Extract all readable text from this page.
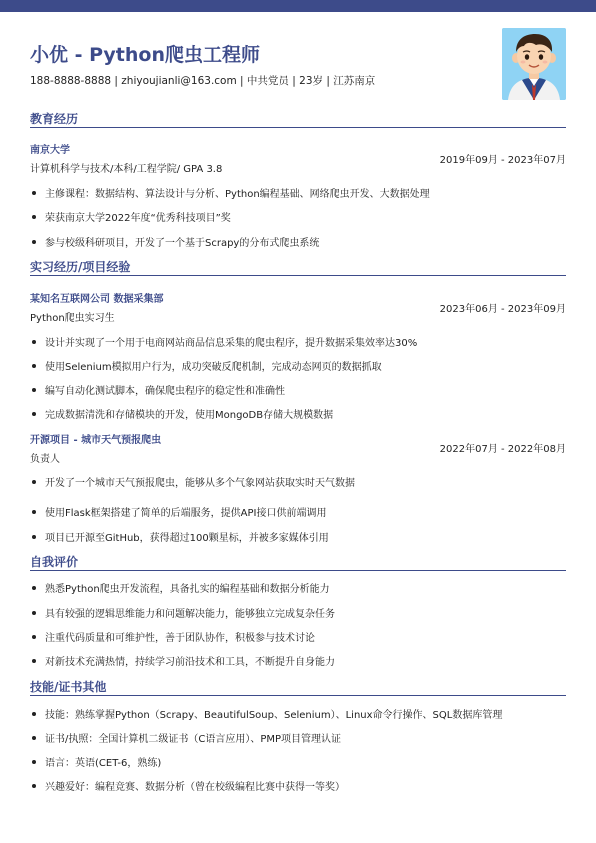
小优 - Python爬虫工程师
188-8888-8888 | zhiyoujianli@163.com | 中共党员 | 23岁 | 江苏南京
教育经历
南京大学
2019年09月 - 2023年07月
计算机科学与技术/本科/工程学院/ GPA 3.8
主修课程：数据结构、算法设计与分析、Python编程基础、网络爬虫开发、大数据处理
荣获南京大学2022年度“优秀科技项目”奖
参与校级科研项目，开发了一个基于Scrapy的分布式爬虫系统
实习经历/项目经验
某知名互联网公司 数据采集部
2023年06月 - 2023年09月
Python爬虫实习生
设计并实现了一个用于电商网站商品信息采集的爬虫程序，提升数据采集效率达30%
使用Selenium模拟用户行为，成功突破反爬机制，完成动态网页的数据抓取
编写自动化测试脚本，确保爬虫程序的稳定性和准确性
完成数据清洗和存储模块的开发，使用MongoDB存储大规模数据
开源项目 - 城市天气预报爬虫
2022年07月 - 2022年08月
负责人
开发了一个城市天气预报爬虫，能够从多个气象网站获取实时天气数据
使用Flask框架搭建了简单的后端服务，提供API接口供前端调用
项目已开源至GitHub，获得超过100颗星标，并被多家媒体引用
自我评价
熟悉Python爬虫开发流程，具备扎实的编程基础和数据分析能力
具有较强的逻辑思维能力和问题解决能力，能够独立完成复杂任务
注重代码质量和可维护性，善于团队协作，积极参与技术讨论
对新技术充满热情，持续学习前沿技术和工具，不断提升自身能力
技能/证书其他
技能：熟练掌握Python（Scrapy、BeautifulSoup、Selenium）、Linux命令行操作、SQL数据库管理
证书/执照：全国计算机二级证书（C语言应用）、PMP项目管理认证
语言：英语(CET-6，熟练)
兴趣爱好：编程竞赛、数据分析（曾在校级编程比赛中获得一等奖）
